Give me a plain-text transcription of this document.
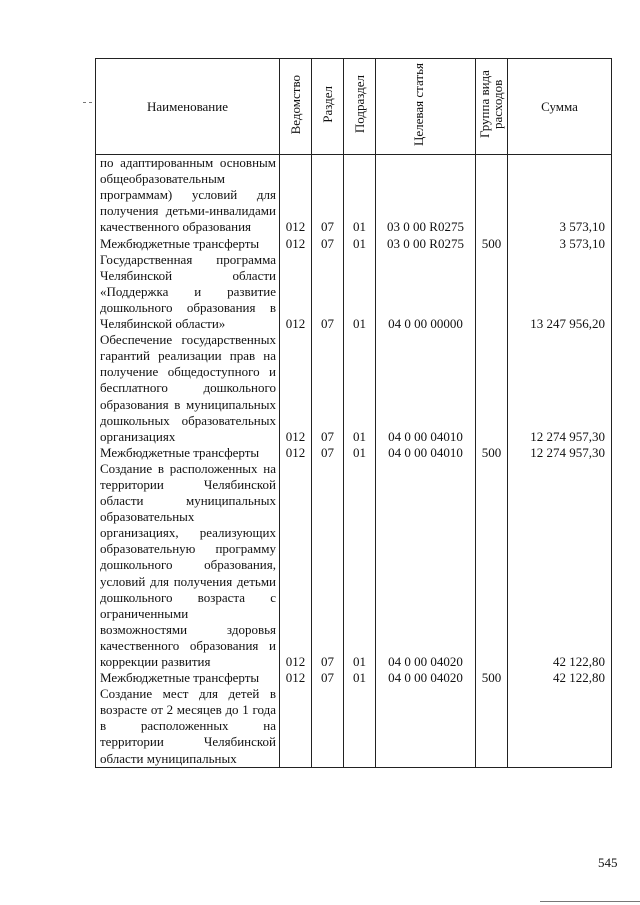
Наименование	Ведомство	Раздел	Подраздел	Целевая статья	Группа вида расходов	Сумма
по адаптированным основным общеобразовательным программам) условий для получения детьми-инвалидами качественного образования	012	07	01	03 0 00 R0275		3 573,10
Межбюджетные трансферты	012	07	01	03 0 00 R0275	500	3 573,10
Государственная программа Челябинской области «Поддержка и развитие дошкольного образования в Челябинской области»	012	07	01	04 0 00 00000		13 247 956,20
Обеспечение государственных гарантий реализации прав на получение общедоступного и бесплатного дошкольного образования в муниципальных дошкольных образовательных организациях	012	07	01	04 0 00 04010		12 274 957,30
Межбюджетные трансферты	012	07	01	04 0 00 04010	500	12 274 957,30
Создание в расположенных на территории Челябинской области муниципальных образовательных организациях, реализующих образовательную программу дошкольного образования, условий для получения детьми дошкольного возраста с ограниченными возможностями здоровья качественного образования и коррекции развития	012	07	01	04 0 00 04020		42 122,80
Межбюджетные трансферты	012	07	01	04 0 00 04020	500	42 122,80
Создание мест для детей в возрасте от 2 месяцев до 1 года в расположенных на территории Челябинской области муниципальных						
545
